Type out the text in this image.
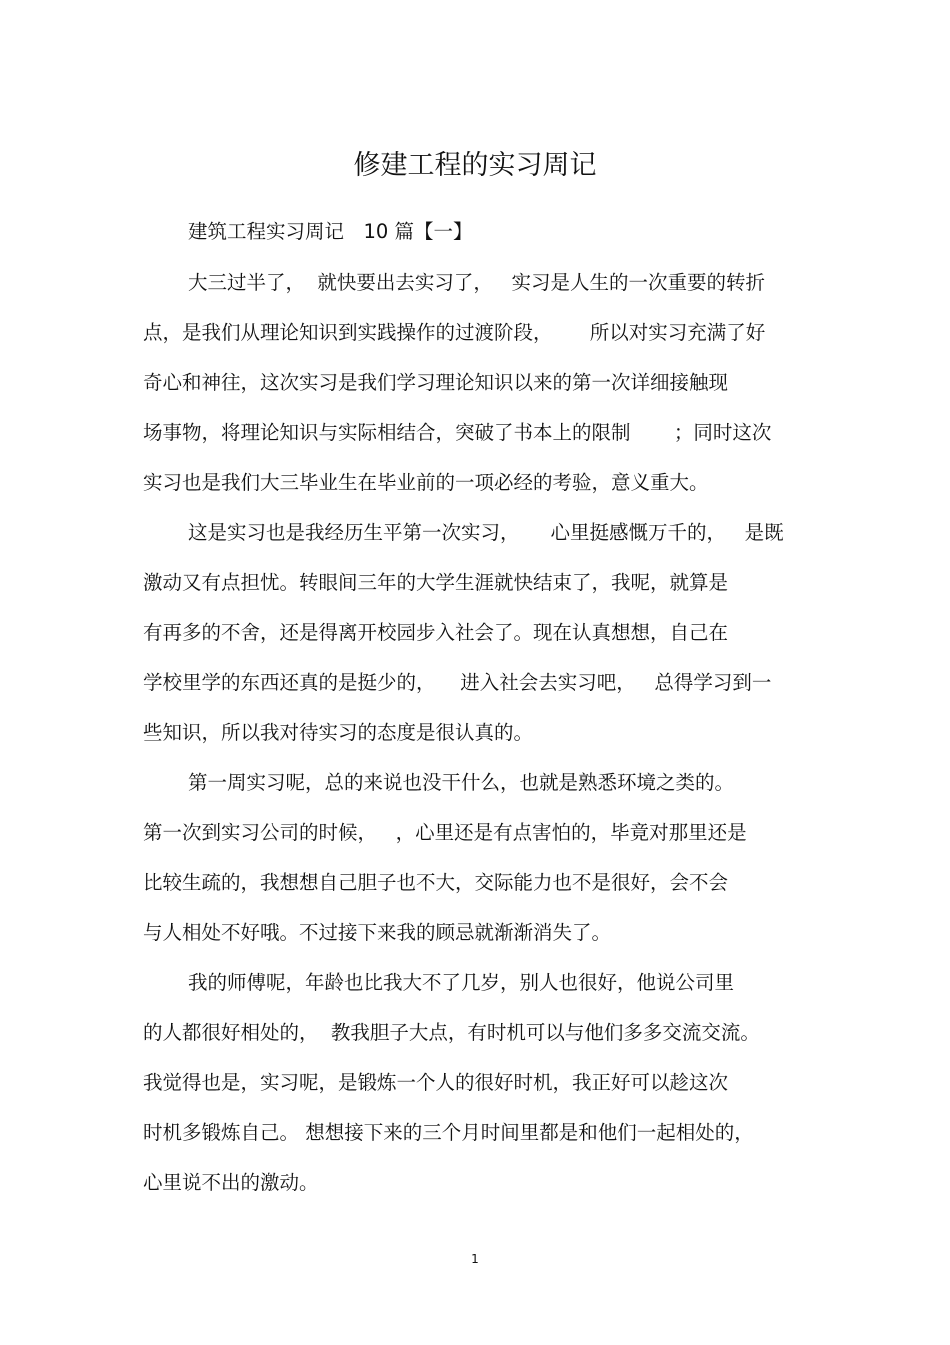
修建工程的实习周记
建筑工程实习周记　10 篇【一】
大三过半了，  就快要出去实习了，   实习是人生的一次重要的转折
点，是我们从理论知识到实践操作的过渡阶段，      所以对实习充满了好
奇心和神往，这次实习是我们学习理论知识以来的第一次详细接触现
场事物，将理论知识与实际相结合，突破了书本上的限制       ；同时这次
实习也是我们大三毕业生在毕业前的一项必经的考验，意义重大。
这是实习也是我经历生平第一次实习，     心里挺感慨万千的，   是既
激动又有点担忧。转眼间三年的大学生涯就快结束了，我呢，就算是
有再多的不舍，还是得离开校园步入社会了。现在认真想想，自己在
学校里学的东西还真的是挺少的，    进入社会去实习吧，   总得学习到一
些知识，所以我对待实习的态度是很认真的。
第一周实习呢，总的来说也没干什么，也就是熟悉环境之类的。
第一次到实习公司的时候，   ，心里还是有点害怕的，毕竟对那里还是
比较生疏的，我想想自己胆子也不大，交际能力也不是很好，会不会
与人相处不好哦。不过接下来我的顾忌就渐渐消失了。
我的师傅呢，年龄也比我大不了几岁，别人也很好，他说公司里
的人都很好相处的，  教我胆子大点，有时机可以与他们多多交流交流。
我觉得也是，实习呢，是锻炼一个人的很好时机，我正好可以趁这次
时机多锻炼自己。 想想接下来的三个月时间里都是和他们一起相处的，
心里说不出的激动。
1
